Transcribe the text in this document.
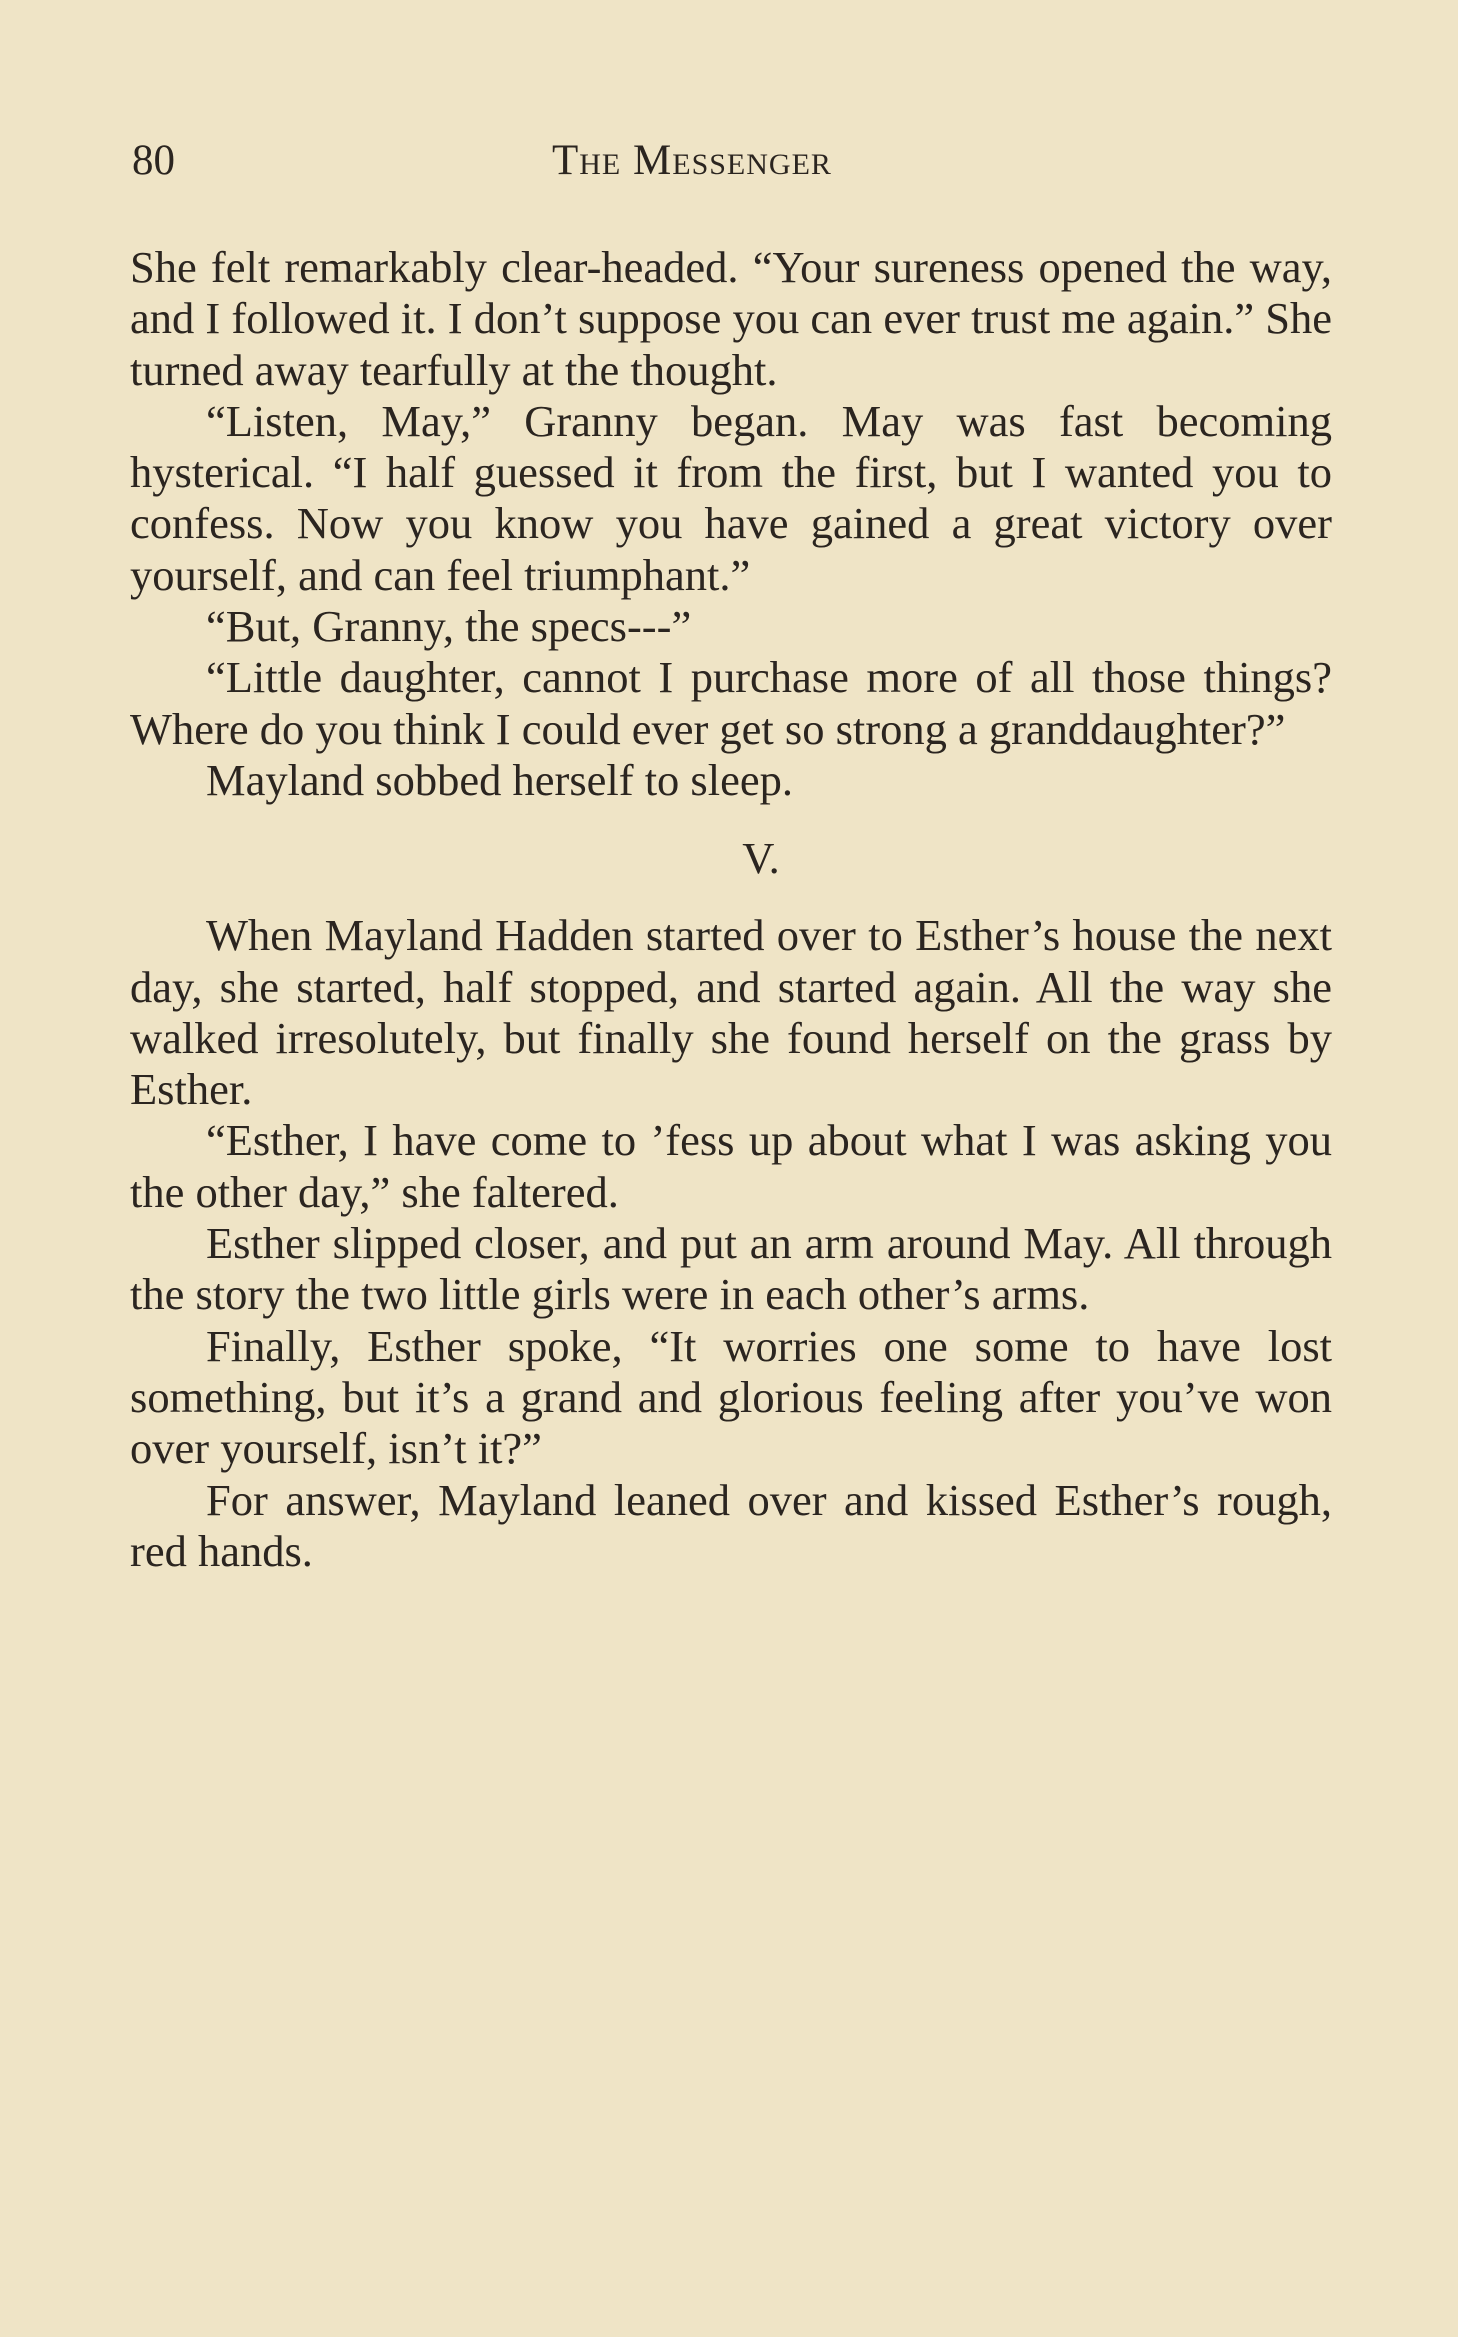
80	The Messenger

She felt remarkably clear-headed. “Your sureness opened the way, and I followed it. I don’t suppose you can ever trust me again.” She turned away tearfully at the thought.

“Listen, May,” Granny began. May was fast becoming hysterical. “I half guessed it from the first, but I wanted you to confess. Now you know you have gained a great victory over yourself, and can feel triumphant.”

“But, Granny, the specs---”

“Little daughter, cannot I purchase more of all those things? Where do you think I could ever get so strong a granddaughter?”

Mayland sobbed herself to sleep.

V.

When Mayland Hadden started over to Esther’s house the next day, she started, half stopped, and started again. All the way she walked irresolutely, but finally she found herself on the grass by Esther.

“Esther, I have come to ’fess up about what I was asking you the other day,” she faltered.

Esther slipped closer, and put an arm around May. All through the story the two little girls were in each other’s arms.

Finally, Esther spoke, “It worries one some to have lost something, but it’s a grand and glorious feeling after you’ve won over yourself, isn’t it?”

For answer, Mayland leaned over and kissed Esther’s rough, red hands.
